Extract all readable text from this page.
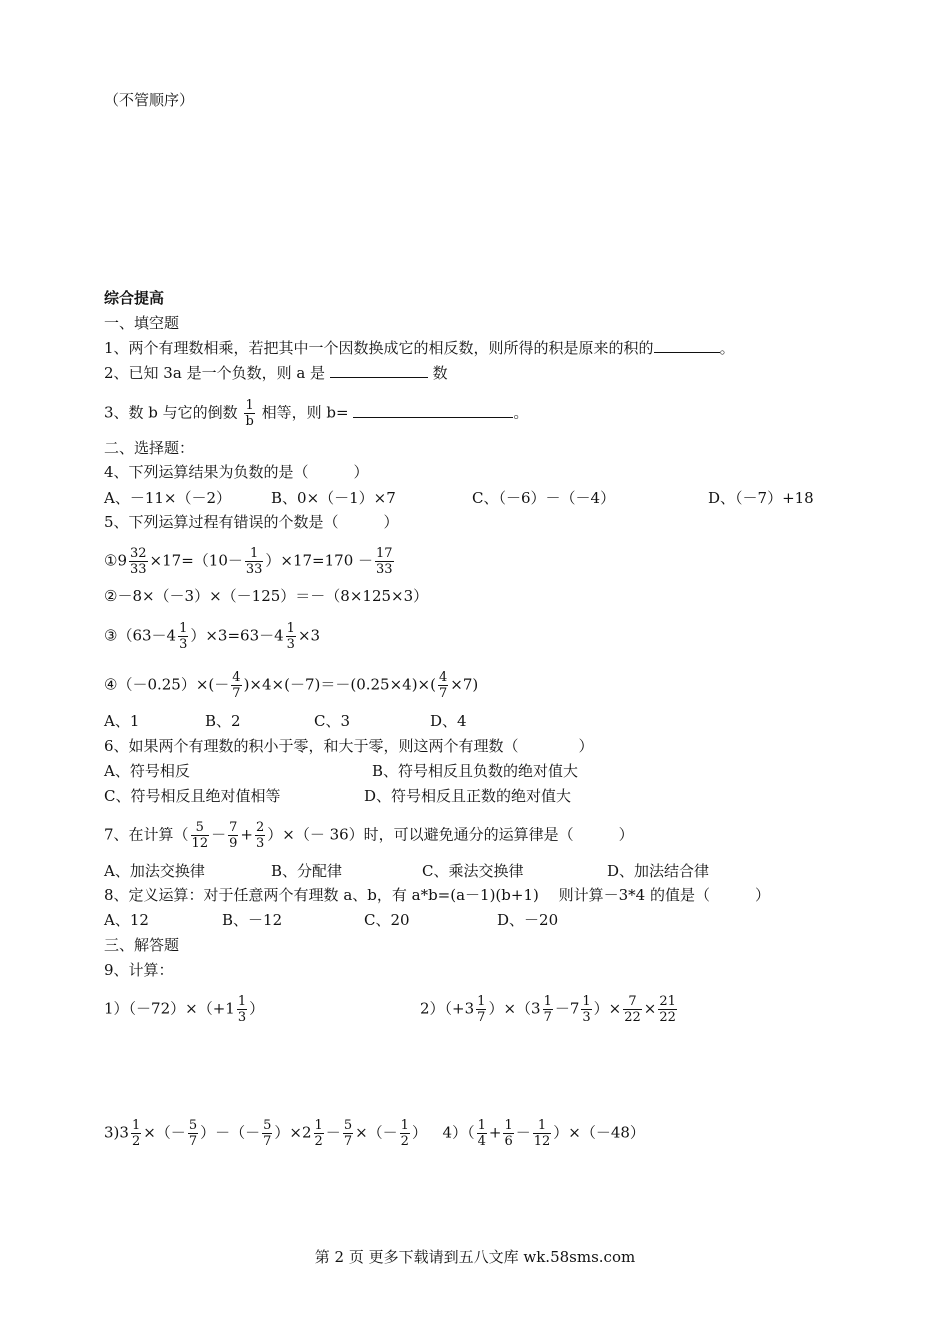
（不管顺序）
综合提高
一、填空题
1、两个有理数相乘，若把其中一个因数换成它的相反数，则所得的积是原来的积的	。
2、已知 3a 是一个负数，则 a 是	数
3、数 b 与它的倒数 $\frac{1}{b}$ 相等，则 b=	。
二、选择题：
4、下列运算结果为负数的是（　　　）
A、－11×（－2）	B、0×（－1）×7	C、（－6）－（－4）	D、（－7）+18
5、下列运算过程有错误的个数是（　　　）
①9 $\frac{32}{33} \times 17=(10- \frac{1}{33} )\times 17=170 - \frac{17}{33}$
②－8×（－3）×（－125）＝－（8×125×3）
③（63－4 $\frac{1}{3} )\times 3=63-4 \frac{1}{3} \times 3$
④（－0.25）×(－ $\frac{4}{7} )\times 4\times(-7)=-(0.25\times 4)\times( \frac{4}{7} \times 7)$
A、1	B、2	C、3	D、4
6、如果两个有理数的积小于零，和大于零，则这两个有理数（　　　　）
A、符号相反	B、符号相反且负数的绝对值大
C、符号相反且绝对值相等	D、符号相反且正数的绝对值大
7、在计算（ $\frac{5}{12} - \frac{7}{9} + \frac{2}{3}$ ）×（－ 36）时，可以避免通分的运算律是（　　　）
A、加法交换律	B、分配律	C、乘法交换律	D、加法结合律
8、定义运算：对于任意两个有理数 a、b，有 a*b=(a－1)(b+1)　 则计算－3*4 的值是（　　　）
A、12	B、－12	C、20	D、－20
三、解答题
9、计算：
$1)(-72)\times(+1 \frac{1}{3}$ ）	$2)(+3 \frac{1}{7} )\times(3 \frac{1}{7} -7 \frac{1}{3}$ ）× $\frac{7}{22} \times \frac{21}{22}$
$3)3 \frac{1}{2}$ ×（－ $\frac{5}{7}$ ）－（－ $\frac{5}{7} )\times 2 \frac{1}{2} - \frac{5}{7}$ ×（－ $\frac{1}{2}$ ） $4)( \frac{1}{4} + \frac{1}{6} - \frac{1}{12} )\times(-48)$
第 2 页 更多下载请到五八文库 wk.58sms.com
